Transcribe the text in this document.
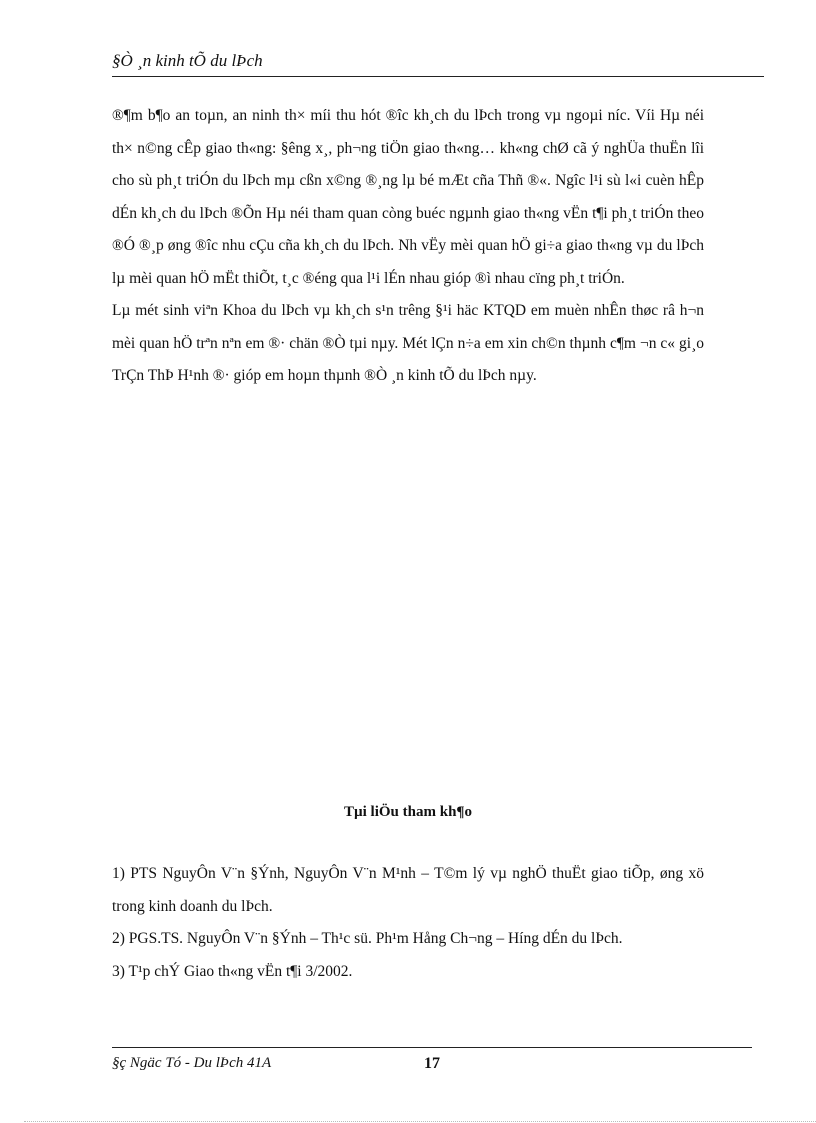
§Ò ¸n kinh tÕ du lÞch

®¶m b¶o an toµn, an ninh th× míi thu hót ®îc kh¸ch du lÞch trong vµ ngoµi níc. Víi Hµ néi th× n©ng cÊp giao th«ng: §êng x¸, ph¬ng tiÖn giao th«ng… kh«ng chØ cã ý nghÜa thuËn lîi cho sù ph¸t triÓn du lÞch mµ cßn x©ng ®¸ng lµ bé mÆt cña Thñ ®«. Ngîc l¹i sù l«i cuèn hÊp dÉn kh¸ch du lÞch ®Õn Hµ néi tham quan còng buéc ngµnh giao th«ng vËn t¶i ph¸t triÓn theo ®Ó ®¸p øng ®îc nhu cÇu cña kh¸ch du lÞch. Nh vËy mèi quan hÖ gi÷a giao th«ng vµ du lÞch lµ mèi quan hÖ mËt thiÕt, t¸c ®éng qua l¹i lÉn nhau gióp ®ì nhau cïng ph¸t triÓn.

Lµ mét sinh viªn Khoa du lÞch vµ kh¸ch s¹n trêng §¹i häc KTQD em muèn nhÊn thøc râ h¬n mèi quan hÖ trªn nªn em ®· chän ®Ò tµi nµy. Mét lÇn n÷a em xin ch©n thµnh c¶m ¬n c« gi¸o TrÇn ThÞ H¹nh ®· gióp em hoµn thµnh ®Ò ¸n kinh tÕ du lÞch nµy.

Tµi liÖu tham kh¶o

1) PTS NguyÔn V¨n §Ýnh, NguyÔn V¨n M¹nh – T©m lý vµ nghÖ thuËt giao tiÕp, øng xö trong kinh doanh du lÞch.

2) PGS.TS. NguyÔn V¨n §Ýnh – Th¹c sü. Ph¹m Hång Ch¬ng – Híng dÉn du lÞch.

3) T¹p chÝ Giao th«ng vËn t¶i 3/2002.

§ç Ngäc Tó - Du lÞch 41A	17
